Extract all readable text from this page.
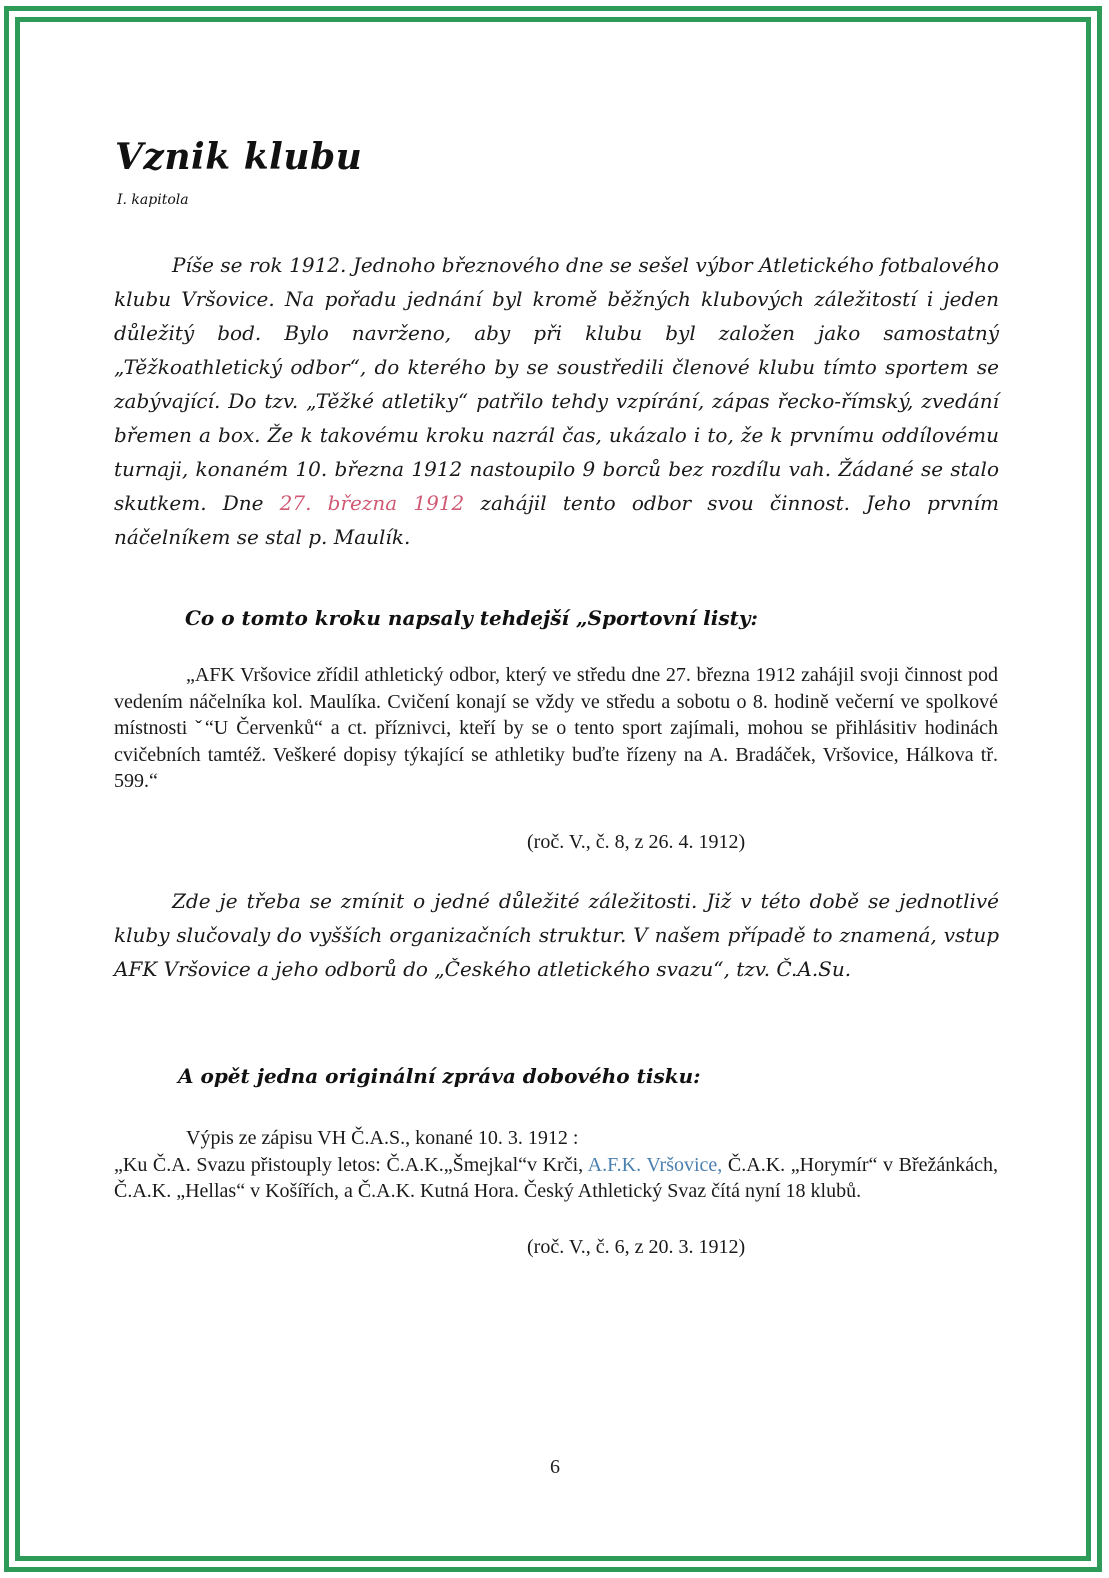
Vznik klubu
I. kapitola

Píše se rok 1912. Jednoho březnového dne se sešel výbor Atletického fotbalového klubu Vršovice. Na pořadu jednání byl kromě běžných klubových záležitostí i jeden důležitý bod. Bylo navrženo, aby při klubu byl založen jako samostatný „Těžkoathletický odbor“, do kterého by se soustředili členové klubu tímto sportem se zabývající. Do tzv. „Těžké atletiky“ patřilo tehdy vzpírání, zápas řecko-římský, zvedání břemen a box. Že k takovému kroku nazrál čas, ukázalo i to, že k prvnímu oddílovému turnaji, konaném 10. března 1912 nastoupilo 9 borců bez rozdílu vah. Žádané se stalo skutkem. Dne 27. března 1912 zahájil tento odbor svou činnost. Jeho prvním náčelníkem se stal p. Maulík.

Co o tomto kroku napsaly tehdejší „Sportovní listy:

„AFK Vršovice zřídil athletický odbor, který ve středu dne 27. března 1912 zahájil svoji činnost pod vedením náčelníka kol. Maulíka. Cvičení konají se vždy ve středu a sobotu o 8. hodině večerní ve spolkové místnosti ˇ“U Červenků“ a ct. příznivci, kteří by se o tento sport zajímali, mohou se přihlásitiv hodinách cvičebních tamtéž. Veškeré dopisy týkající se athletiky buďte řízeny na A. Bradáček, Vršovice, Hálkova tř. 599.“

(roč. V., č. 8, z 26. 4. 1912)

Zde je třeba se zmínit o jedné důležité záležitosti. Již v této době se jednotlivé kluby slučovaly do vyšších organizačních struktur. V našem případě to znamená, vstup AFK Vršovice a jeho odborů do „Českého atletického svazu“, tzv. Č.A.Su.

A opět jedna originální zpráva dobového tisku:

Výpis ze zápisu VH Č.A.S., konané 10. 3. 1912 :
„Ku Č.A. Svazu přistouply letos: Č.A.K.„Šmejkal“v Krči, A.F.K. Vršovice, Č.A.K. „Horymír“ v Břežánkách, Č.A.K. „Hellas“ v Košířích, a Č.A.K. Kutná Hora. Český Athletický Svaz čítá nyní 18 klubů.

(roč. V., č. 6, z 20. 3. 1912)
6
